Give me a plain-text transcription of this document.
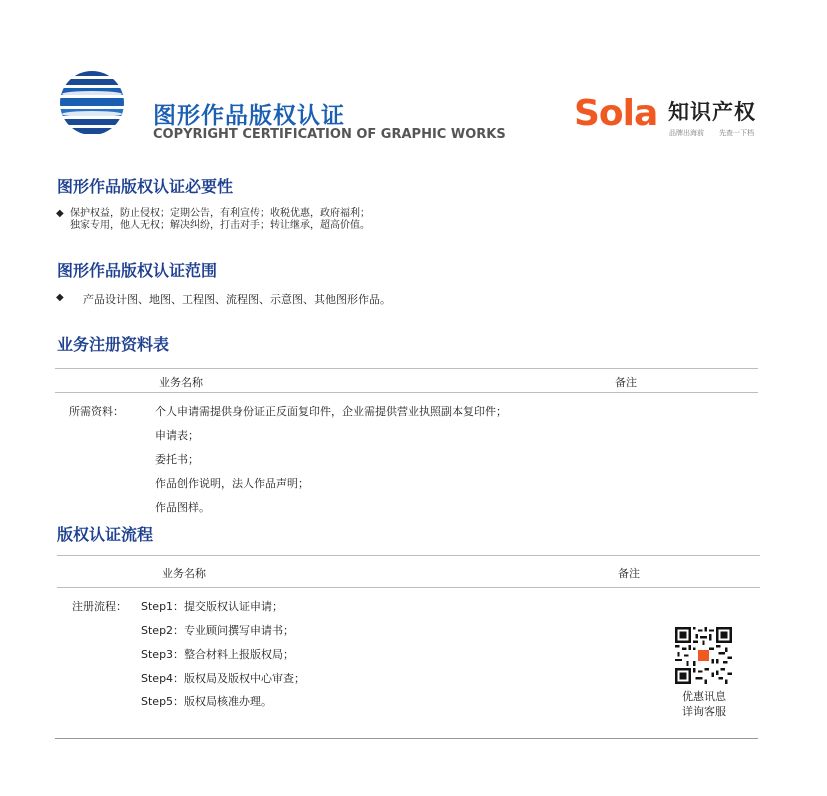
图形作品版权认证
COPYRIGHT CERTIFICATION OF GRAPHIC WORKS
Sola 知识产权
品牌出海前 先查一下档
图形作品版权认证必要性
◆ 保护权益，防止侵权；定期公告，有利宣传；收税优惠，政府福利；
独家专用，他人无权；解决纠纷，打击对手；转让继承，超高价值。
图形作品版权认证范围
◆ 产品设计图、地图、工程图、流程图、示意图、其他图形作品。
业务注册资料表
业务名称	备注
所需资料：	个人申请需提供身份证正反面复印件，企业需提供营业执照副本复印件；
申请表；
委托书；
作品创作说明，法人作品声明；
作品图样。
版权认证流程
业务名称	备注
注册流程： Step1：提交版权认证申请；
Step2：专业顾问撰写申请书；
Step3：整合材料上报版权局；
Step4：版权局及版权中心审查；
Step5：版权局核准办理。	优惠讯息
详询客服
